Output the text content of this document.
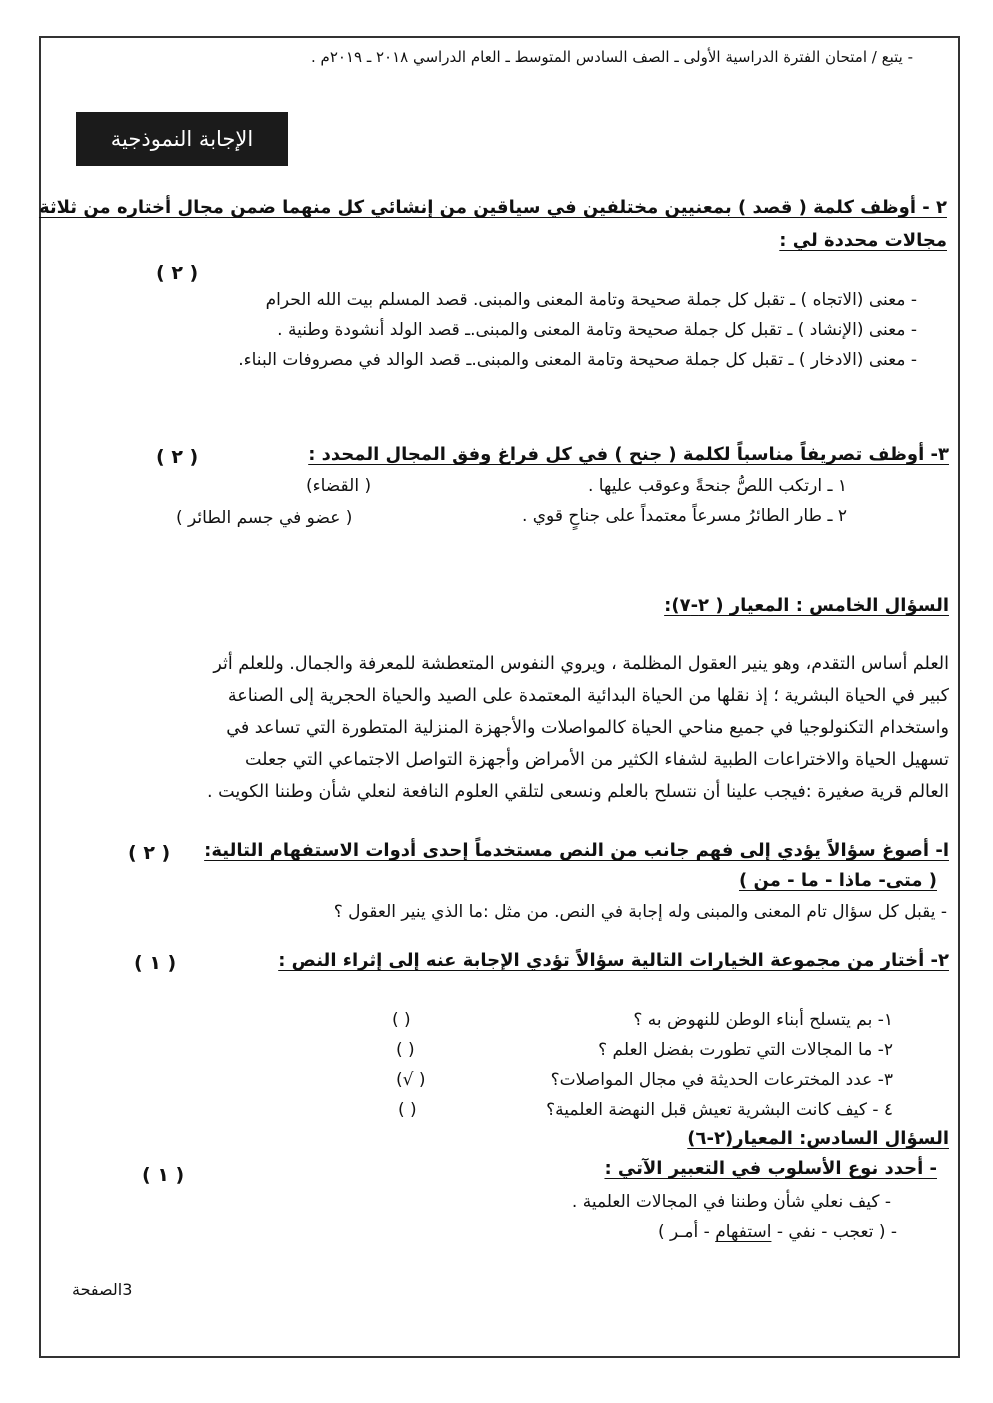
- يتبع / امتحان الفترة الدراسية الأولى ـ الصف السادس المتوسط ـ العام الدراسي ٢٠١٨ ـ ٢٠١٩م .
الإجابة النموذجية
٢ - أوظف كلمة ( قصد ) بمعنيين مختلفين في سياقين من إنشائي كل منهما ضمن مجال أختاره من ثلاثة
مجالات محددة لي :
( ٢ )
- معنى (الاتجاه ) ـ تقبل كل جملة صحيحة وتامة المعنى والمبنى. قصد المسلم بيت الله الحرام
- معنى (الإنشاد ) ـ تقبل كل جملة صحيحة وتامة المعنى والمبنى.ـ قصد الولد أنشودة وطنية .
- معنى (الادخار ) ـ تقبل كل جملة صحيحة وتامة المعنى والمبنى.ـ قصد الوالد في مصروفات البناء.
٣- أوظف تصريفاً مناسباً لكلمة ( جنح ) في كل فراغ وفق المجال المحدد :
( ٢ )
١ ـ ارتكب اللصُّ جنحةً وعوقب عليها .
( القضاء)
٢ ـ طار الطائرُ مسرعاً معتمداً على جناحٍ قوي .
( عضو في جسم الطائر )
السؤال الخامس : المعيار ( ٢-٧):
العلم أساس التقدم، وهو ينير العقول المظلمة ، ويروي النفوس المتعطشة للمعرفة والجمال. وللعلم أثر
كبير في الحياة البشرية ؛ إذ نقلها من الحياة البدائية المعتمدة على الصيد والحياة الحجرية إلى الصناعة
واستخدام التكنولوجيا في جميع مناحي الحياة كالمواصلات والأجهزة المنزلية المتطورة التي تساعد في
تسهيل الحياة والاختراعات الطبية لشفاء الكثير من الأمراض وأجهزة التواصل الاجتماعي التي جعلت
العالم قرية صغيرة :فيجب علينا أن نتسلح بالعلم ونسعى لتلقي العلوم النافعة لنعلي شأن وطننا الكويت .
ا- أصوغ سؤالاً يؤدي إلى فهم جانب من النص مستخدماً إحدى أدوات الاستفهام التالية:
( ٢ )
( متى- ماذا - ما - من )
- يقبل كل سؤال تام المعنى والمبنى وله إجابة في النص. من مثل :ما الذي ينير العقول ؟
٢- أختار من مجموعة الخيارات التالية سؤالاً تؤدي الإجابة عنه إلى إثراء النص :
( ١ )
١- بم يتسلح أبناء الوطن للنهوض به ؟
( )
٢- ما المجالات التي تطورت بفضل العلم ؟
( )
٣- عدد المخترعات الحديثة في مجال المواصلات؟
( √)
٤ - كيف كانت البشرية تعيش قبل النهضة العلمية؟
( )
السؤال السادس: المعيار(٢-٦)
- أحدد نوع الأسلوب في التعبير الآتي :
( ١ )
- كيف نعلي شأن وطننا في المجالات العلمية .
- ( تعجب - نفي - استفهام - أمـر )
3الصفحة
